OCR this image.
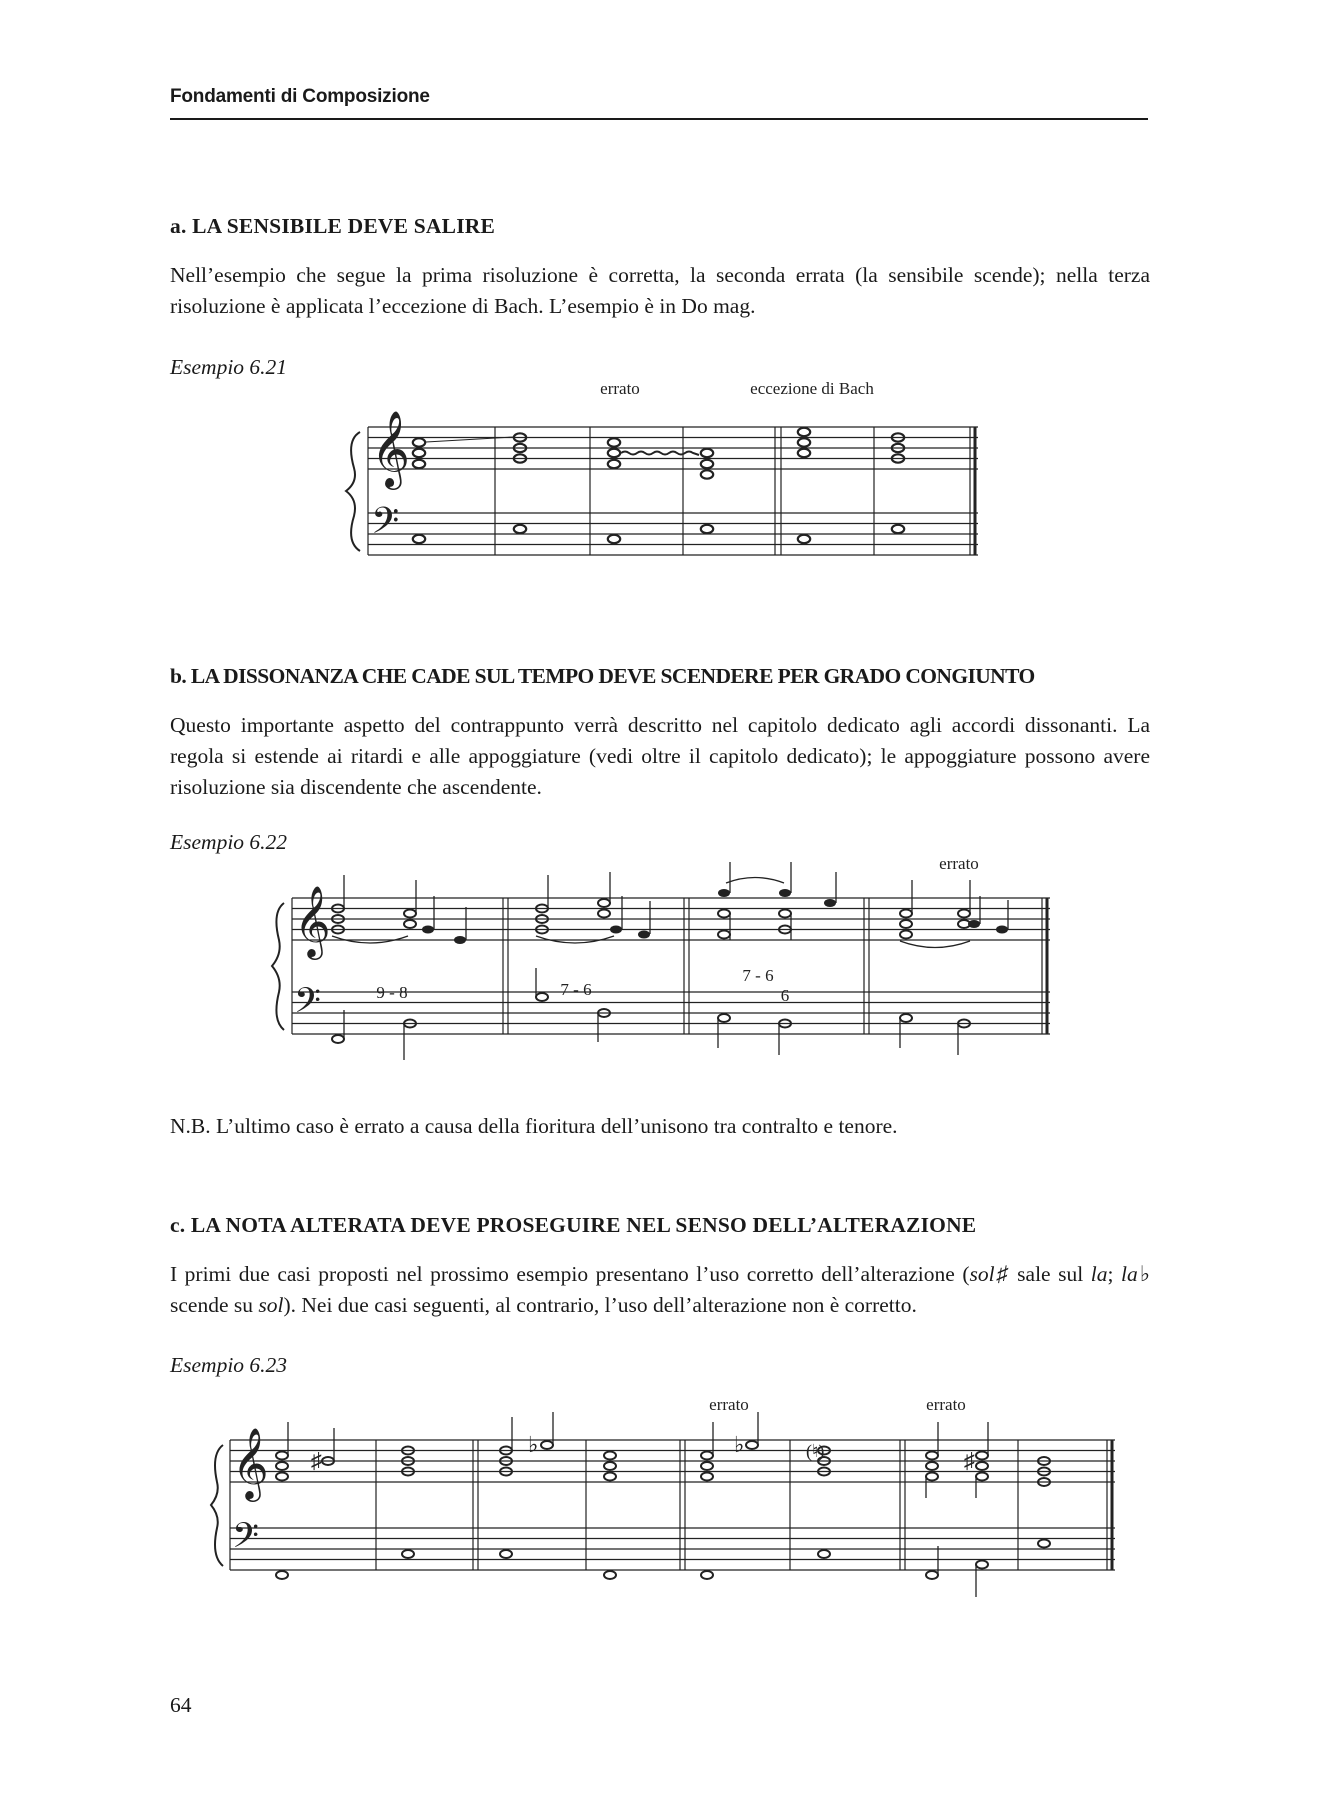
Fondamenti di Composizione
a. LA SENSIBILE DEVE SALIRE
Nell’esempio che segue la prima risoluzione è corretta, la seconda errata (la sensibile scende); nella terza risoluzione è applicata l’eccezione di Bach. L’esempio è in Do mag.
Esempio 6.21
𝄞
𝄢
errato	eccezione di Bach
b. LA DISSONANZA CHE CADE SUL TEMPO DEVE SCENDERE PER GRADO CONGIUNTO
Questo importante aspetto del contrappunto verrà descritto nel capitolo dedicato agli accordi dissonanti. La regola si estende ai ritardi e alle appoggiature (vedi oltre il capitolo dedicato); le appoggiature possono avere risoluzione sia discendente che ascendente.
Esempio 6.22
𝄞
𝄢	9 - 8	7 - 6
7 - 6
6
errato
N.B. L’ultimo caso è errato a causa della fioritura dell’unisono tra contralto e tenore.
c. LA NOTA ALTERATA DEVE PROSEGUIRE NEL SENSO DELL’ALTERAZIONE
I primi due casi proposti nel prossimo esempio presentano l’uso corretto dell’alterazione (sol♯ sale sul la; la♭ scende su sol). Nei due casi seguenti, al contrario, l’uso dell’alterazione non è corretto.
Esempio 6.23
𝄞
𝄢
♯
♭	♭	(♮)	♯
errato	errato
64
